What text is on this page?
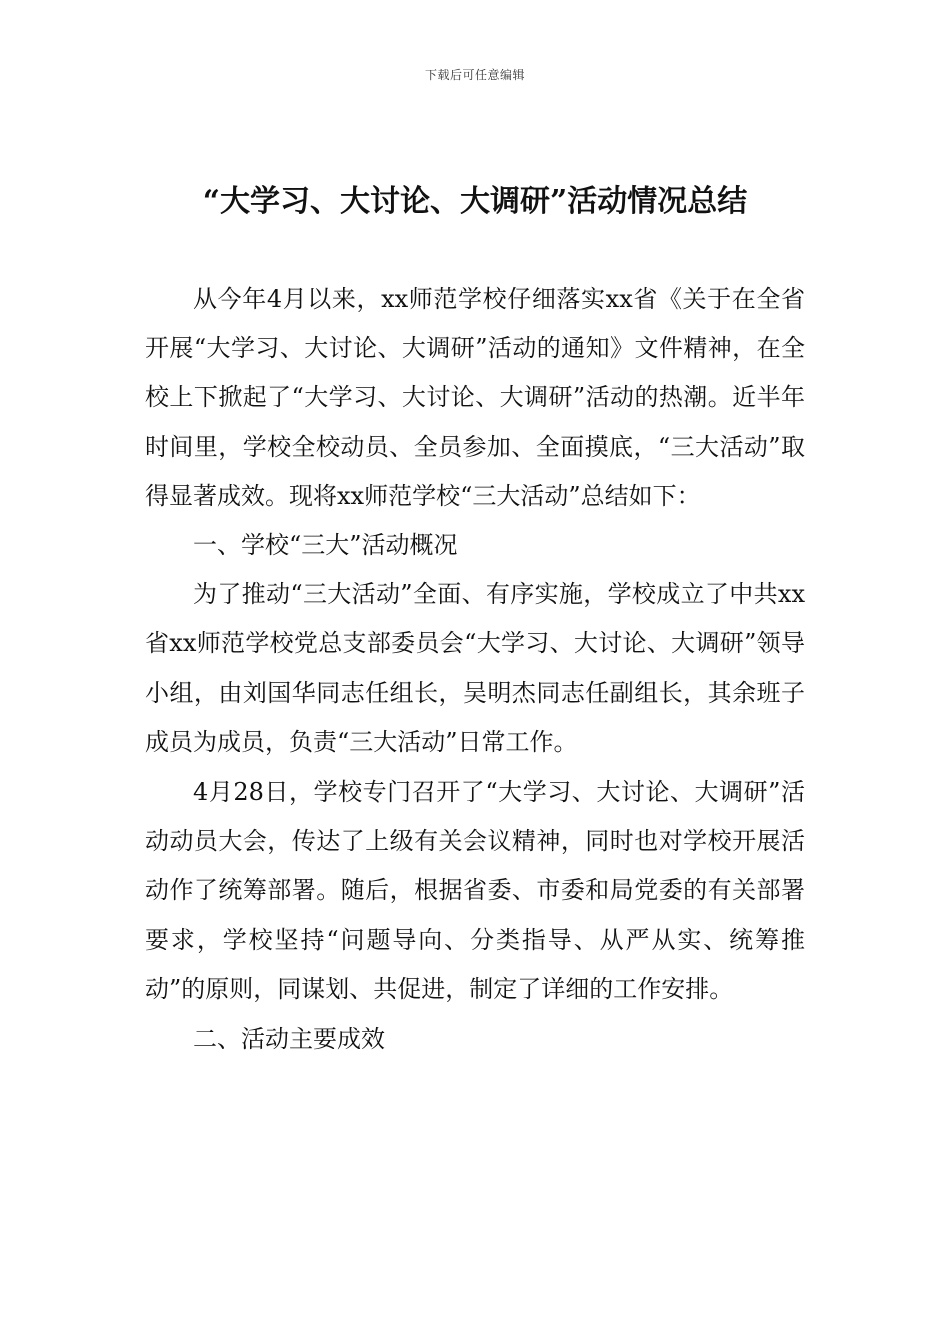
下载后可任意编辑
“大学习、大讨论、大调研”活动情况总结

从今年4月以来，xx师范学校仔细落实xx省《关于在全省开展“大学习、大讨论、大调研”活动的通知》文件精神，在全校上下掀起了“大学习、大讨论、大调研”活动的热潮。近半年时间里，学校全校动员、全员参加、全面摸底，“三大活动”取得显著成效。现将xx师范学校“三大活动”总结如下：

一、学校“三大”活动概况

为了推动“三大活动”全面、有序实施，学校成立了中共xx省xx师范学校党总支部委员会“大学习、大讨论、大调研”领导小组，由刘国华同志任组长，吴明杰同志任副组长，其余班子成员为成员，负责“三大活动”日常工作。

4月28日，学校专门召开了“大学习、大讨论、大调研”活动动员大会，传达了上级有关会议精神，同时也对学校开展活动作了统筹部署。随后，根据省委、市委和局党委的有关部署要求，学校坚持“问题导向、分类指导、从严从实、统筹推动”的原则，同谋划、共促进，制定了详细的工作安排。

二、活动主要成效
